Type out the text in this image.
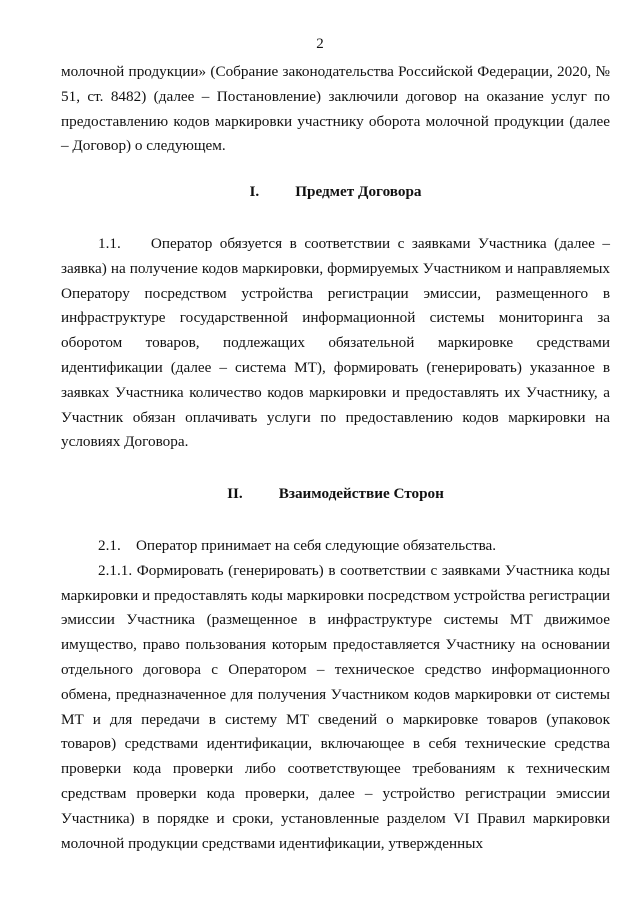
2

молочной продукции» (Собрание законодательства Российской Федерации, 2020, № 51, ст. 8482) (далее – Постановление) заключили договор на оказание услуг по предоставлению кодов маркировки участнику оборота молочной продукции (далее – Договор) о следующем.

I. Предмет Договора

1.1.    Оператор обязуется в соответствии с заявками Участника (далее – заявка) на получение кодов маркировки, формируемых Участником и направляемых Оператору посредством устройства регистрации эмиссии, размещенного в инфраструктуре государственной информационной системы мониторинга за оборотом товаров, подлежащих обязательной маркировке средствами идентификации (далее – система МТ), формировать (генерировать) указанное в заявках Участника количество кодов маркировки и предоставлять их Участнику, а Участник обязан оплачивать услуги по предоставлению кодов маркировки на условиях Договора.

II. Взаимодействие Сторон

2.1.    Оператор принимает на себя следующие обязательства.

2.1.1. Формировать (генерировать) в соответствии с заявками Участника коды маркировки и предоставлять коды маркировки посредством устройства регистрации эмиссии Участника (размещенное в инфраструктуре системы МТ движимое имущество, право пользования которым предоставляется Участнику на основании отдельного договора с Оператором – техническое средство информационного обмена, предназначенное для получения Участником кодов маркировки от системы МТ и для передачи в систему МТ сведений о маркировке товаров (упаковок товаров) средствами идентификации, включающее в себя технические средства проверки кода проверки либо соответствующее требованиям к техническим средствам проверки кода проверки, далее – устройство регистрации эмиссии Участника) в порядке и сроки, установленные разделом VI Правил маркировки молочной продукции средствами идентификации, утвержденных
